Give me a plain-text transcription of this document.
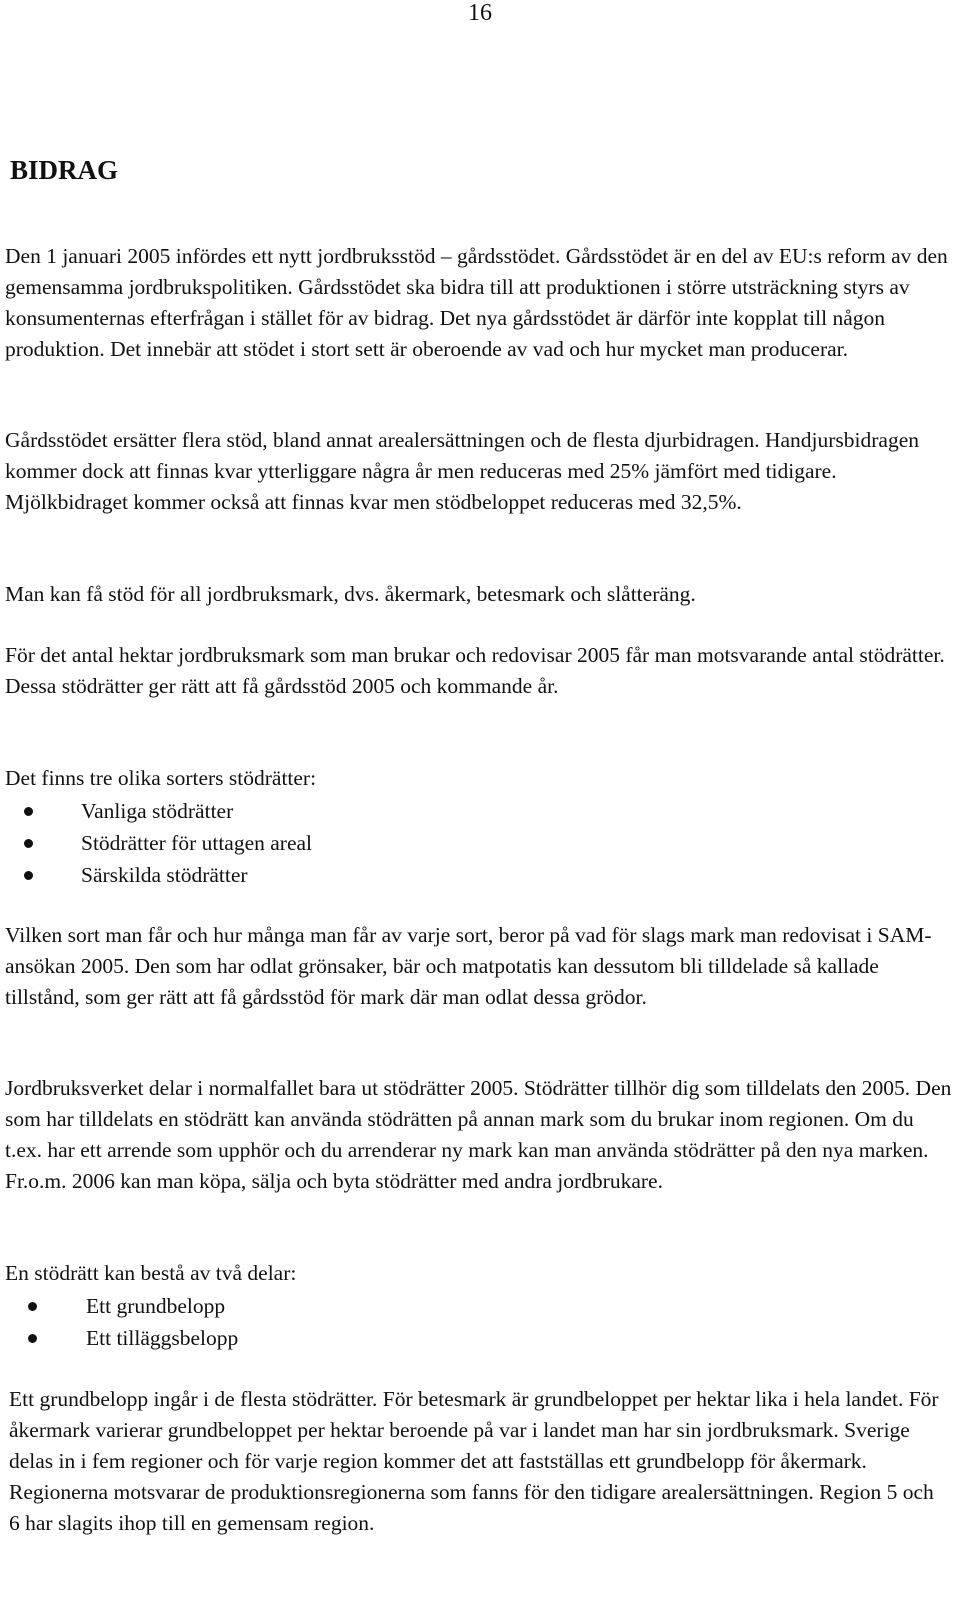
16
BIDRAG

Den 1 januari 2005 infördes ett nytt jordbruksstöd – gårdsstödet. Gårdsstödet är en del av EU:s reform av den gemensamma jordbrukspolitiken. Gårdsstödet ska bidra till att produktionen i större utsträckning styrs av konsumenternas efterfrågan i stället för av bidrag. Det nya gårdsstödet är därför inte kopplat till någon produktion. Det innebär att stödet i stort sett är oberoende av vad och hur mycket man producerar.

Gårdsstödet ersätter flera stöd, bland annat arealersättningen och de flesta djurbidragen. Handjursbidragen kommer dock att finnas kvar ytterliggare några år men reduceras med 25% jämfört med tidigare. Mjölkbidraget kommer också att finnas kvar men stödbeloppet reduceras med 32,5%.

Man kan få stöd för all jordbruksmark, dvs. åkermark, betesmark och slåtteräng.

För det antal hektar jordbruksmark som man brukar och redovisar 2005 får man motsvarande antal stödrätter. Dessa stödrätter ger rätt att få gårdsstöd 2005 och kommande år.

Det finns tre olika sorters stödrätter:

Vanliga stödrätter
Stödrätter för uttagen areal
Särskilda stödrätter

Vilken sort man får och hur många man får av varje sort, beror på vad för slags mark man redovisat i SAM-ansökan 2005. Den som har odlat grönsaker, bär och matpotatis kan dessutom bli tilldelade så kallade tillstånd, som ger rätt att få gårdsstöd för mark där man odlat dessa grödor.

Jordbruksverket delar i normalfallet bara ut stödrätter 2005. Stödrätter tillhör dig som tilldelats den 2005. Den som har tilldelats en stödrätt kan använda stödrätten på annan mark som du brukar inom regionen. Om du t.ex. har ett arrende som upphör och du arrenderar ny mark kan man använda stödrätter på den nya marken. Fr.o.m. 2006 kan man köpa, sälja och byta stödrätter med andra jordbrukare.

En stödrätt kan bestå av två delar:

Ett grundbelopp
Ett tilläggsbelopp

Ett grundbelopp ingår i de flesta stödrätter. För betesmark är grundbeloppet per hektar lika i hela landet. För åkermark varierar grundbeloppet per hektar beroende på var i landet man har sin jordbruksmark. Sverige delas in i fem regioner och för varje region kommer det att fastställas ett grundbelopp för åkermark. Regionerna motsvarar de produktionsregionerna som fanns för den tidigare arealersättningen. Region 5 och 6 har slagits ihop till en gemensam region.
